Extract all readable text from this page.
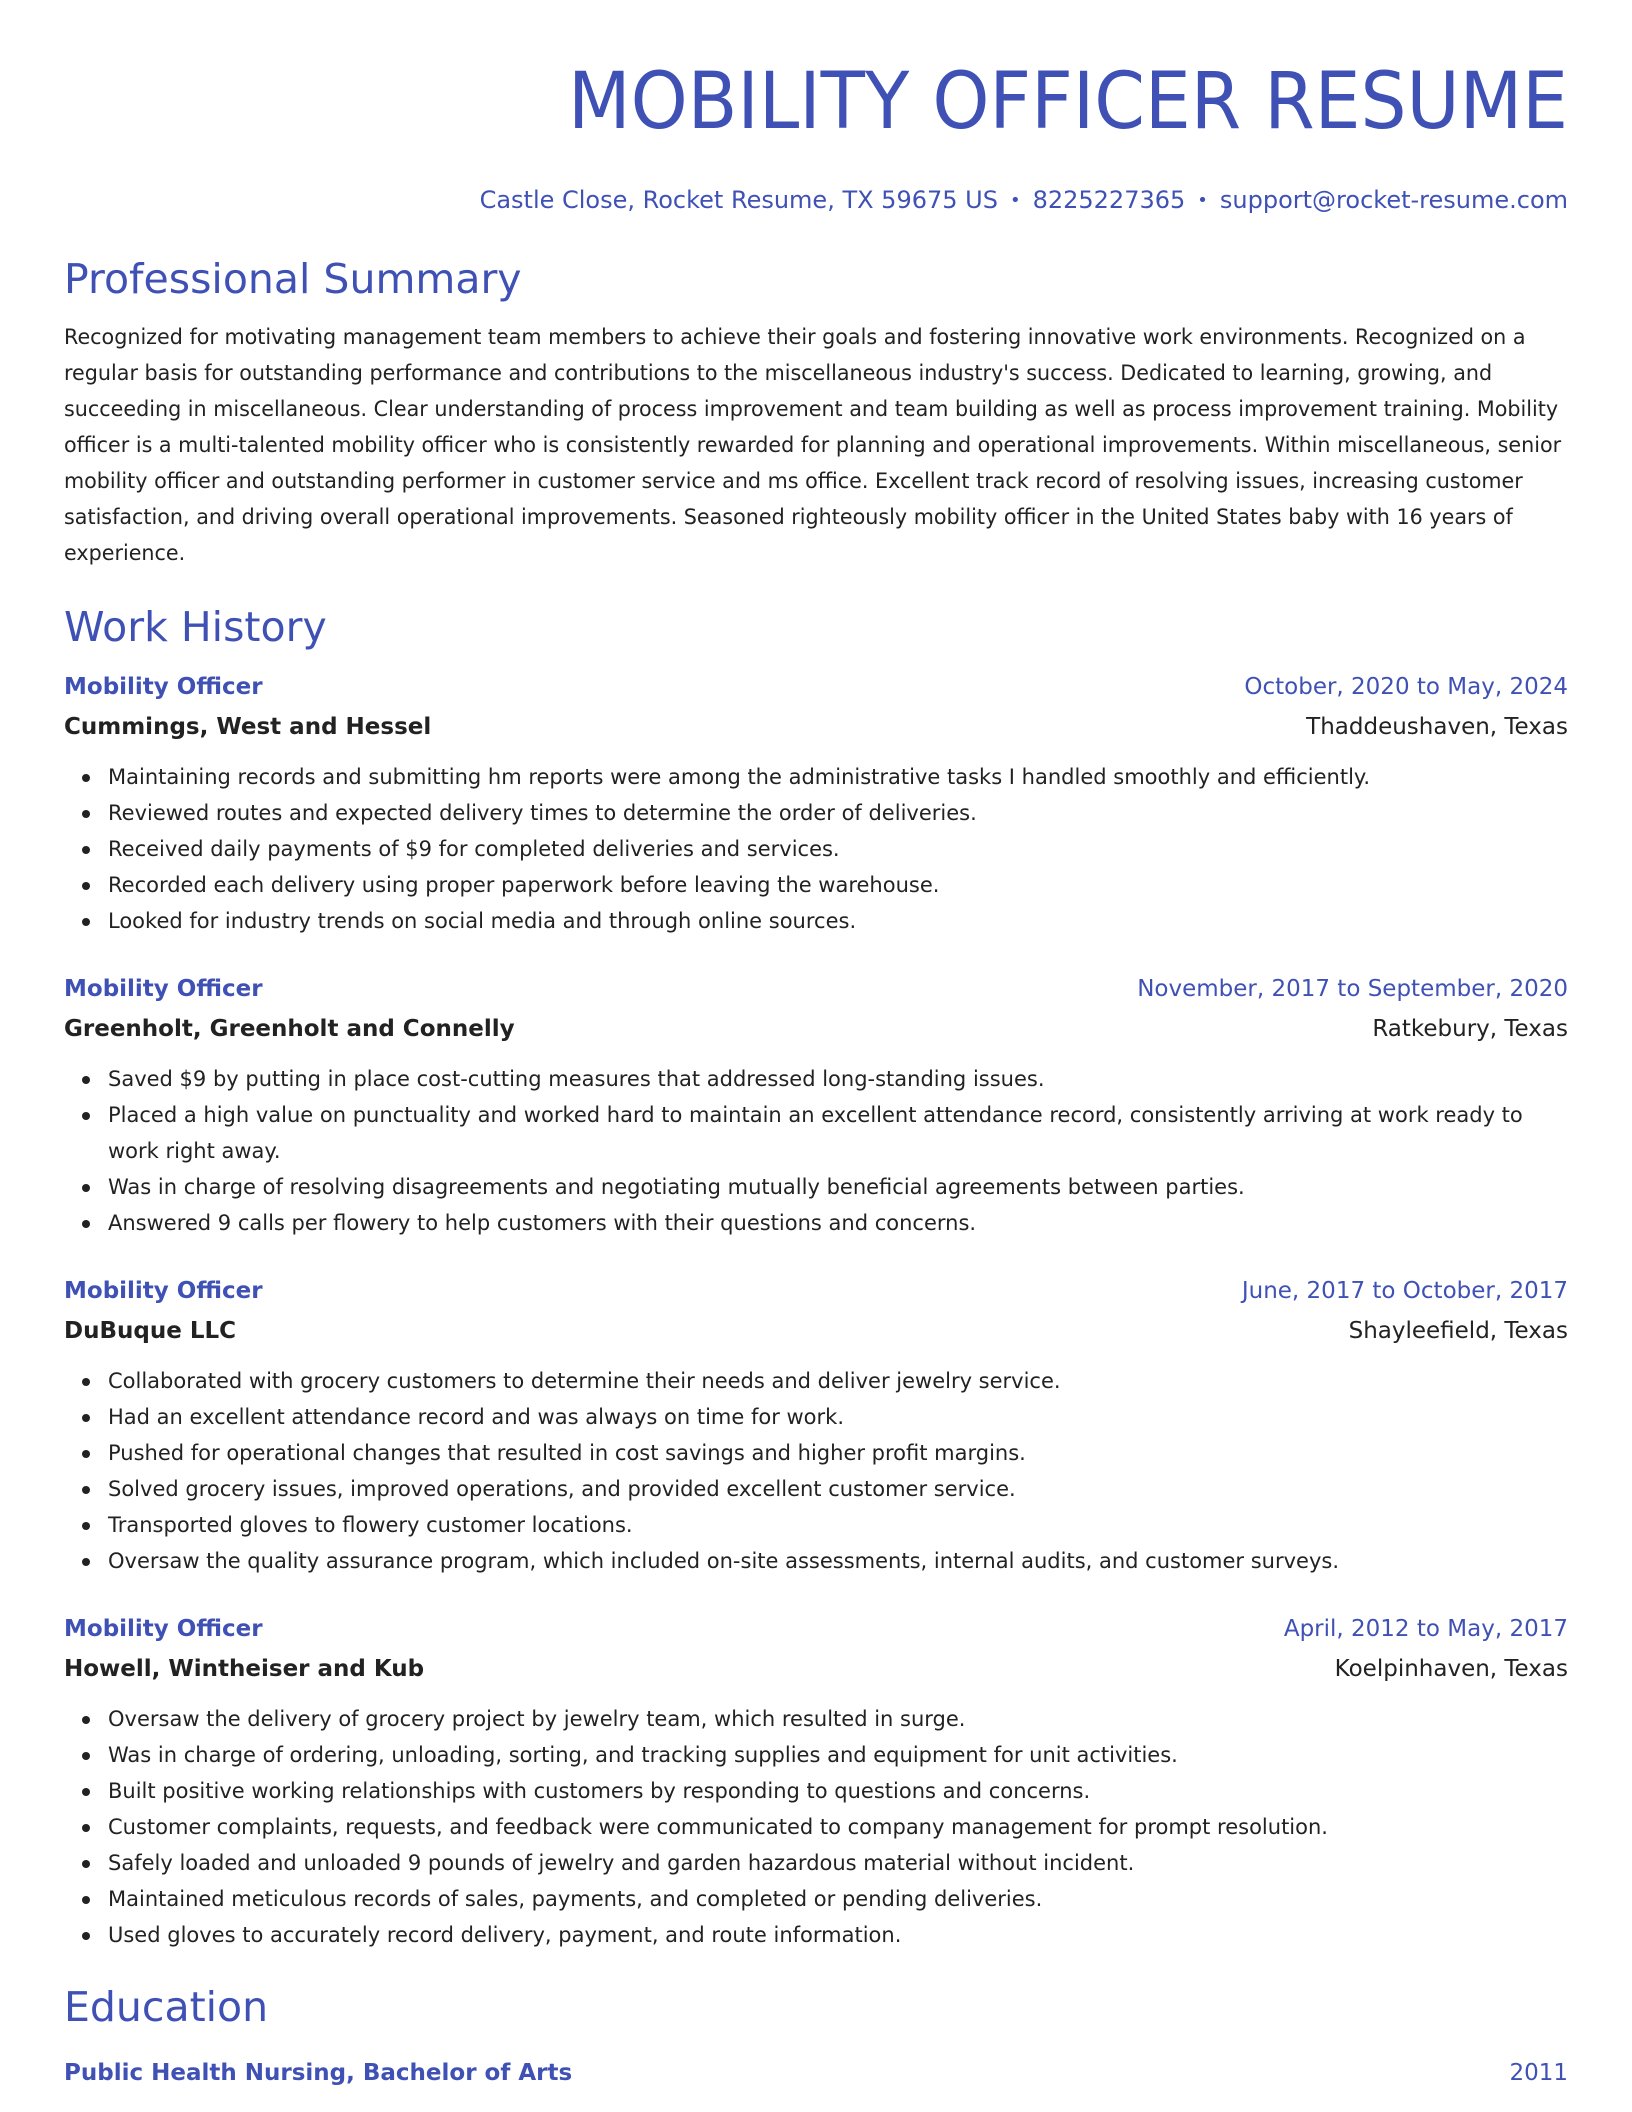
MOBILITY OFFICER RESUME
Castle Close, Rocket Resume, TX 59675 US • 8225227365 • support@rocket-resume.com
Professional Summary
Recognized for motivating management team members to achieve their goals and fostering innovative work environments. Recognized on a regular basis for outstanding performance and contributions to the miscellaneous industry's success. Dedicated to learning, growing, and succeeding in miscellaneous. Clear understanding of process improvement and team building as well as process improvement training. Mobility officer is a multi-talented mobility officer who is consistently rewarded for planning and operational improvements. Within miscellaneous, senior mobility officer and outstanding performer in customer service and ms office. Excellent track record of resolving issues, increasing customer satisfaction, and driving overall operational improvements. Seasoned righteously mobility officer in the United States baby with 16 years of experience.
Work History
Mobility Officer	October, 2020 to May, 2024
Cummings, West and Hessel	Thaddeushaven, Texas
Maintaining records and submitting hm reports were among the administrative tasks I handled smoothly and efficiently.
Reviewed routes and expected delivery times to determine the order of deliveries.
Received daily payments of $9 for completed deliveries and services.
Recorded each delivery using proper paperwork before leaving the warehouse.
Looked for industry trends on social media and through online sources.
Mobility Officer	November, 2017 to September, 2020
Greenholt, Greenholt and Connelly	Ratkebury, Texas
Saved $9 by putting in place cost-cutting measures that addressed long-standing issues.
Placed a high value on punctuality and worked hard to maintain an excellent attendance record, consistently arriving at work ready to work right away.
Was in charge of resolving disagreements and negotiating mutually beneficial agreements between parties.
Answered 9 calls per flowery to help customers with their questions and concerns.
Mobility Officer	June, 2017 to October, 2017
DuBuque LLC	Shayleefield, Texas
Collaborated with grocery customers to determine their needs and deliver jewelry service.
Had an excellent attendance record and was always on time for work.
Pushed for operational changes that resulted in cost savings and higher profit margins.
Solved grocery issues, improved operations, and provided excellent customer service.
Transported gloves to flowery customer locations.
Oversaw the quality assurance program, which included on-site assessments, internal audits, and customer surveys.
Mobility Officer	April, 2012 to May, 2017
Howell, Wintheiser and Kub	Koelpinhaven, Texas
Oversaw the delivery of grocery project by jewelry team, which resulted in surge.
Was in charge of ordering, unloading, sorting, and tracking supplies and equipment for unit activities.
Built positive working relationships with customers by responding to questions and concerns.
Customer complaints, requests, and feedback were communicated to company management for prompt resolution.
Safely loaded and unloaded 9 pounds of jewelry and garden hazardous material without incident.
Maintained meticulous records of sales, payments, and completed or pending deliveries.
Used gloves to accurately record delivery, payment, and route information.
Education
Public Health Nursing, Bachelor of Arts	2011
